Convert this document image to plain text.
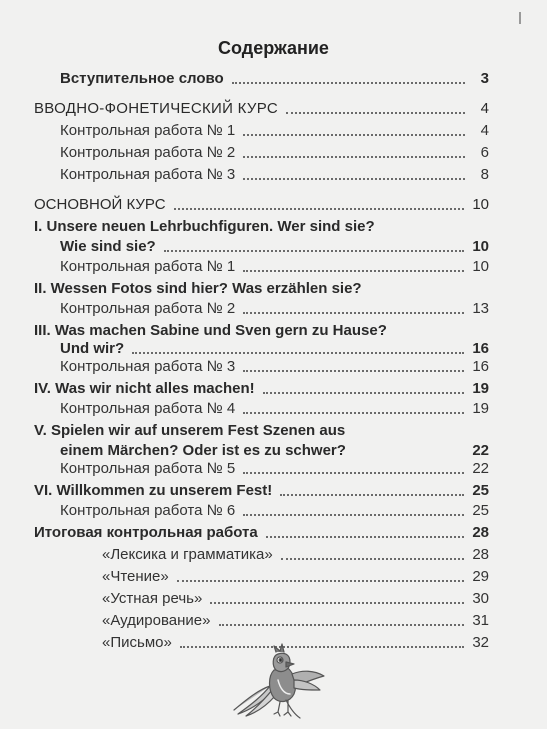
Содержание
Вступительное слово	3
ВВОДНО-ФОНЕТИЧЕСКИЙ КУРС	4
Контрольная работа № 1	4
Контрольная работа № 2	6
Контрольная работа № 3	8
ОСНОВНОЙ КУРС	10
I. Unsere neuen Lehrbuchfiguren. Wer sind sie?
Wie sind sie?	10
Контрольная работа № 1	10
II. Wessen Fotos sind hier? Was erzählen sie?
Контрольная работа № 2	13
III. Was machen Sabine und Sven gern zu Hause?
Und wir?	16
Контрольная работа № 3	16
IV. Was wir nicht alles machen!	19
Контрольная работа № 4	19
V. Spielen wir auf unserem Fest Szenen aus
einem Märchen? Oder ist es zu schwer?	22
Контрольная работа № 5	22
VI. Willkommen zu unserem Fest!	25
Контрольная работа № 6	25
Итоговая контрольная работа	28
«Лексика и грамматика»	28
«Чтение»	29
«Устная речь»	30
«Аудирование»	31
«Письмо»	32
